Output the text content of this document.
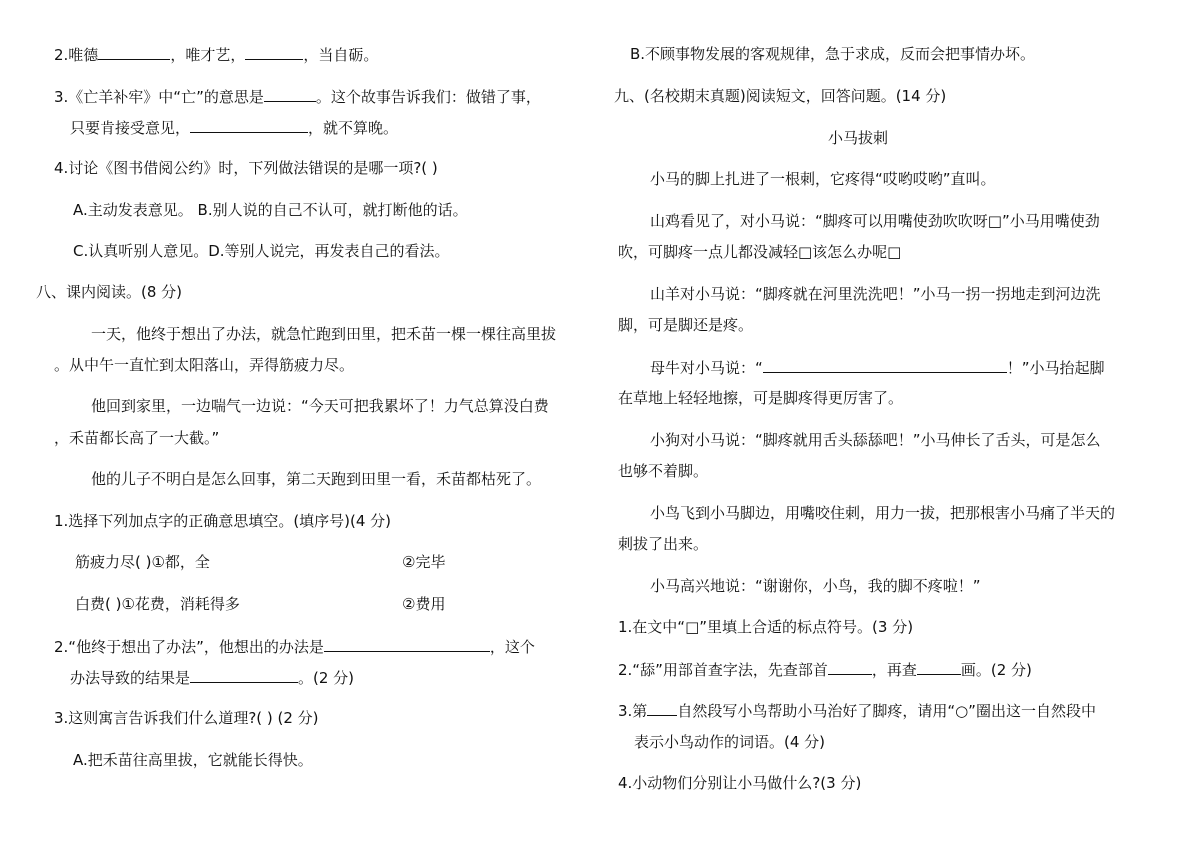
2.唯德	，唯才艺，	，当自砺。
3.《亡羊补牢》中“亡”的意思是	。这个故事告诉我们：做错了事，
只要肯接受意见，	，就不算晚。
4.讨论《图书借阅公约》时，下列做法错误的是哪一项?( )
A.主动发表意见。 B.别人说的自己不认可，就打断他的话。
C.认真听别人意见。D.等别人说完，再发表自己的看法。
八、课内阅读。(8 分)
一天，他终于想出了办法，就急忙跑到田里，把禾苗一棵一棵往高里拔
。从中午一直忙到太阳落山，弄得筋疲力尽。
他回到家里，一边喘气一边说：“今天可把我累坏了！力气总算没白费
，禾苗都长高了一大截。”
他的儿子不明白是怎么回事，第二天跑到田里一看，禾苗都枯死了。
1.选择下列加点字的正确意思填空。(填序号)(4 分)
筋疲力尽( )①都，全	②完毕
白费( )①花费，消耗得多	②费用
2.“他终于想出了办法”，他想出的办法是	，这个
办法导致的结果是	。(2 分)
3.这则寓言告诉我们什么道理?( ) (2 分)
A.把禾苗往高里拔，它就能长得快。
B.不顾事物发展的客观规律，急于求成，反而会把事情办坏。
九、(名校期末真题)阅读短文，回答问题。(14 分)
小马拔刺
小马的脚上扎进了一根刺，它疼得“哎哟哎哟”直叫。
山鸡看见了，对小马说：“脚疼可以用嘴使劲吹吹呀□”小马用嘴使劲
吹，可脚疼一点儿都没减轻□该怎么办呢□
山羊对小马说：“脚疼就在河里洗洗吧！”小马一拐一拐地走到河边洗
脚，可是脚还是疼。
母牛对小马说：“	！”小马抬起脚
在草地上轻轻地擦，可是脚疼得更厉害了。
小狗对小马说：“脚疼就用舌头舔舔吧！”小马伸长了舌头，可是怎么
也够不着脚。
小鸟飞到小马脚边，用嘴咬住刺，用力一拔，把那根害小马痛了半天的
刺拔了出来。
小马高兴地说：“谢谢你，小鸟，我的脚不疼啦！”
1.在文中“□”里填上合适的标点符号。(3 分)
2.“舔”用部首查字法，先查部首	，再查	画。(2 分)
3.第 自然段写小鸟帮助小马治好了脚疼，请用“○”圈出这一自然段中
表示小鸟动作的词语。(4 分)
4.小动物们分别让小马做什么?(3 分)
